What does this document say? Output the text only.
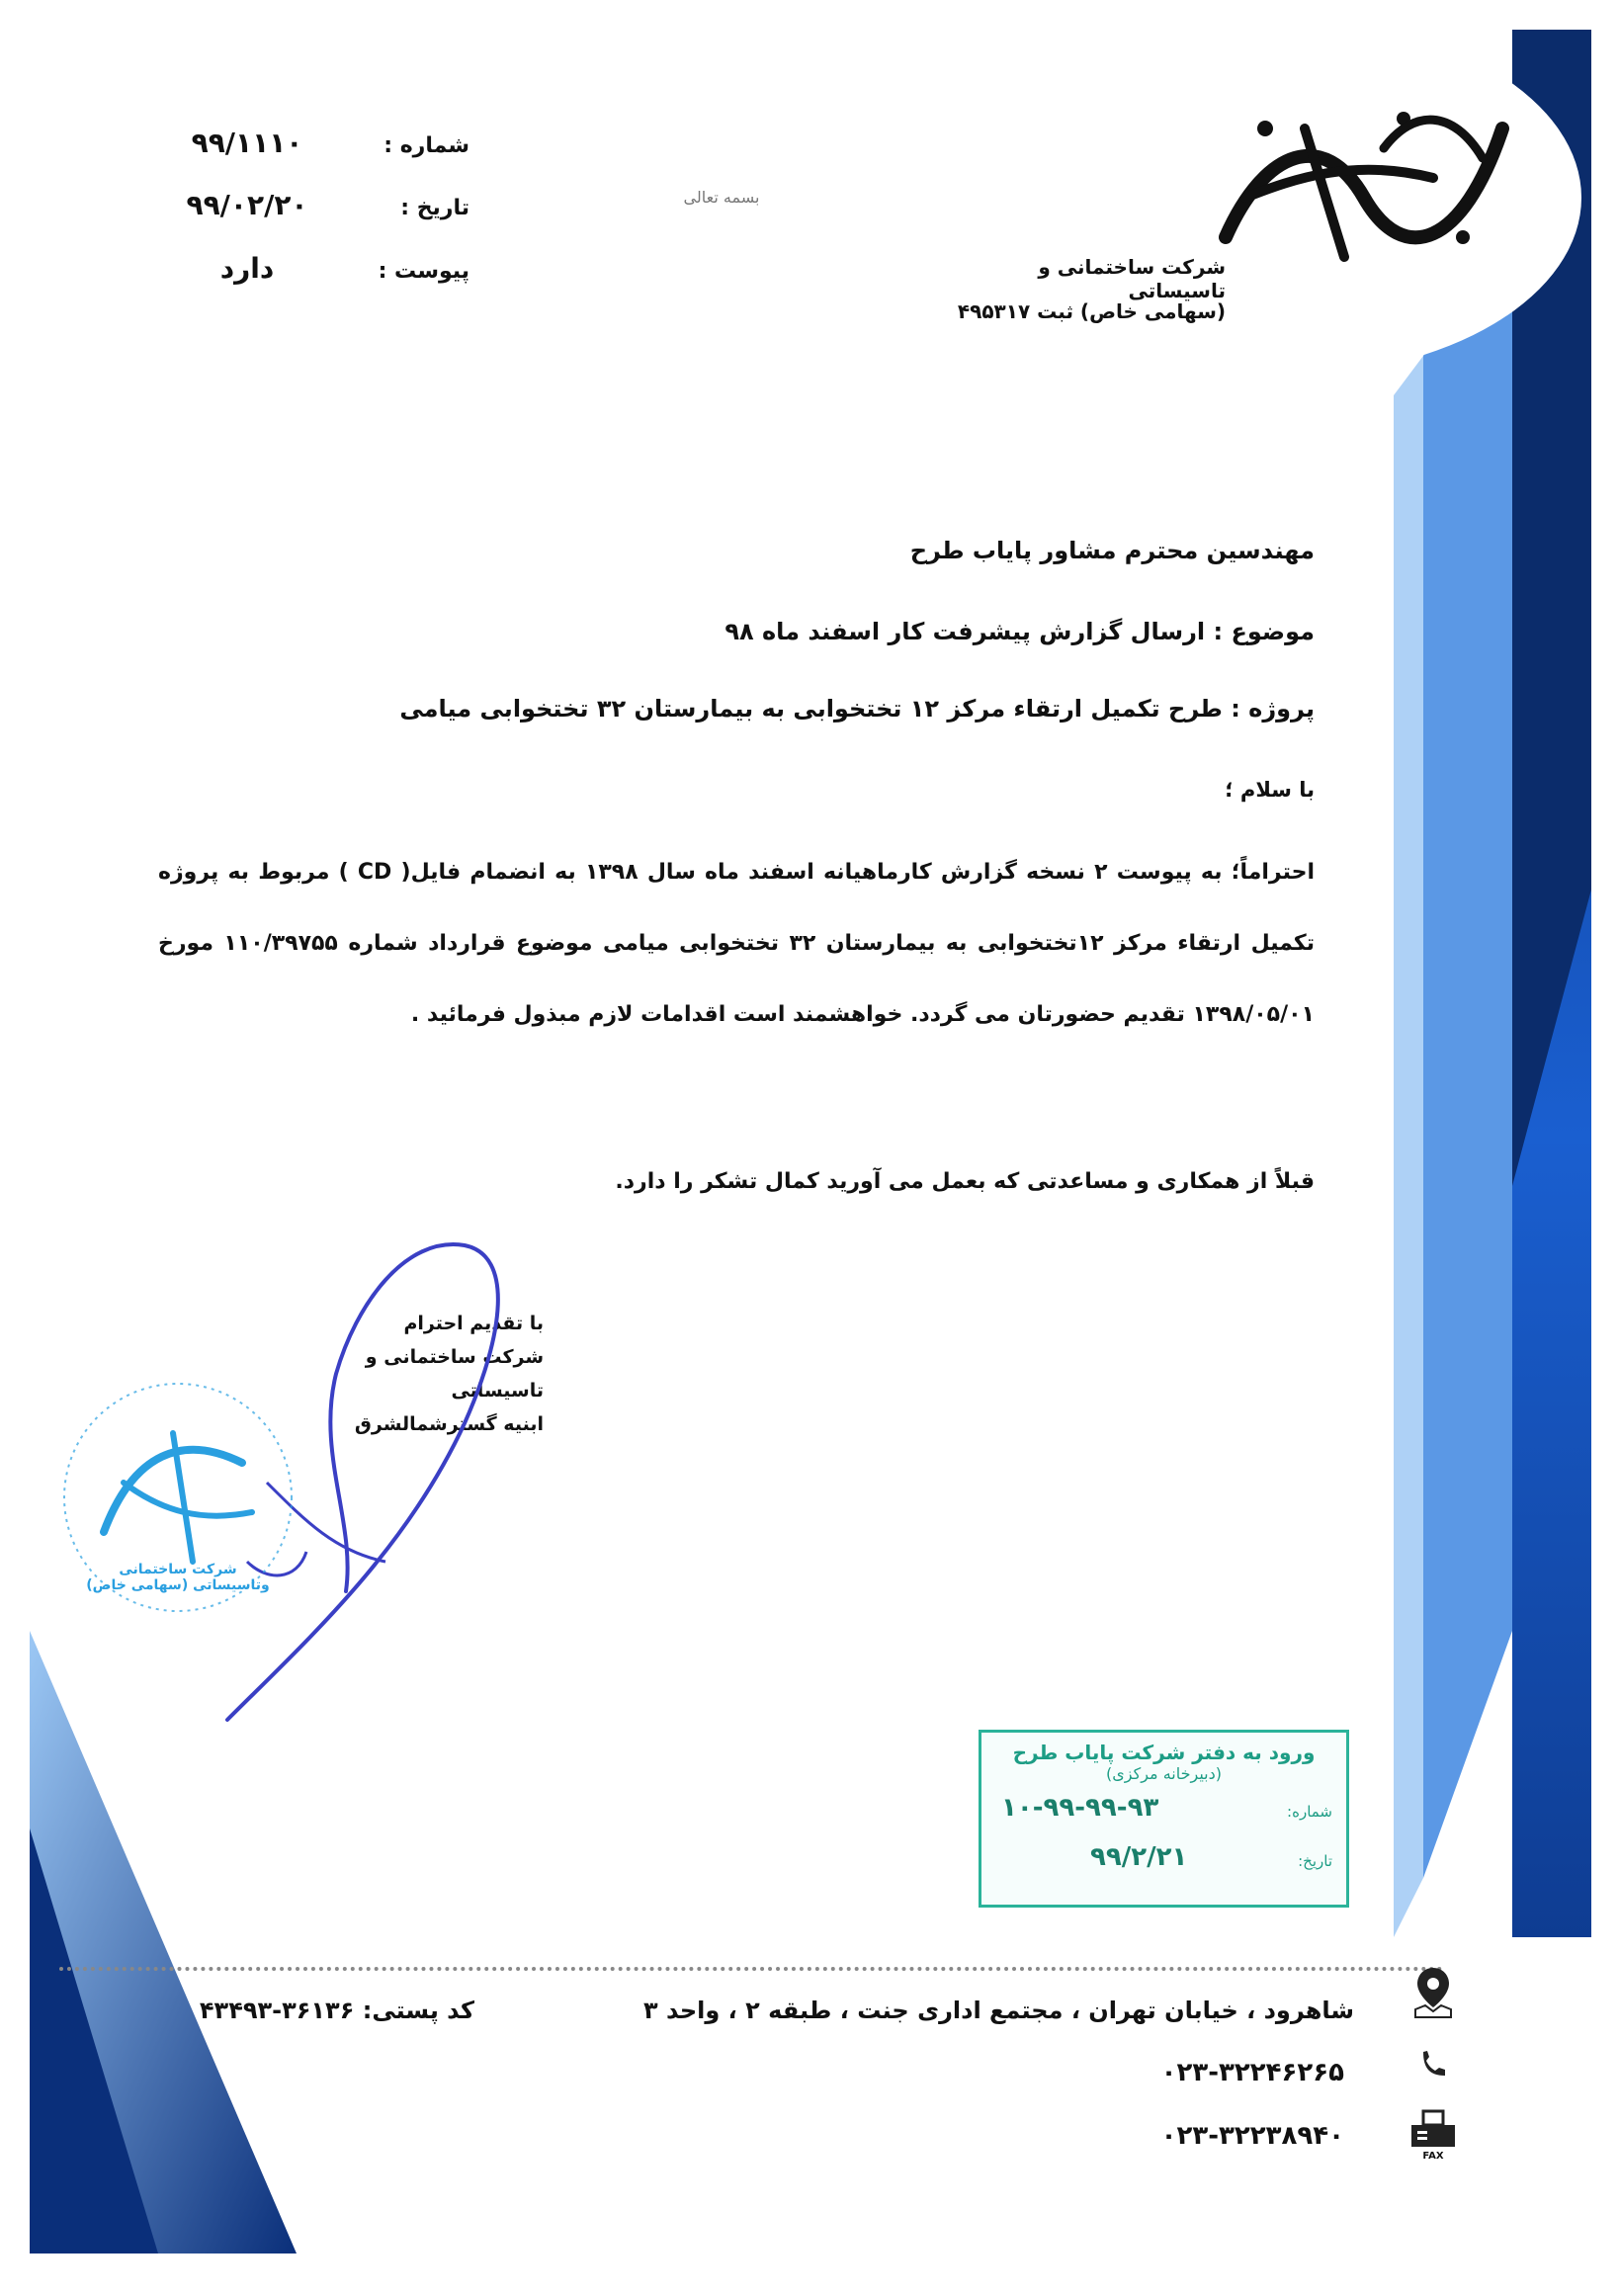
شرکت ساختمانی و تاسیساتی
(سهامی خاص) ثبت ۴۹۵۳۱۷
بسمه تعالی
شماره :
۹۹/۱۱۱۰
تاریخ :
۹۹/۰۲/۲۰
پیوست :
دارد
مهندسین محترم مشاور پایاب طرح
موضوع : ارسال گزارش پیشرفت کار اسفند ماه ۹۸
پروژه : طرح تکمیل ارتقاء مرکز ۱۲ تختخوابی به بیمارستان ۳۲ تختخوابی میامی
با سلام ؛
احتراماً؛ به پیوست ۲ نسخه گزارش کارماهیانه اسفند ماه سال ۱۳۹۸ به انضمام فایل( CD ) مربوط به پروژه تکمیل ارتقاء مرکز ۱۲تختخوابی به بیمارستان ۳۲ تختخوابی میامی موضوع قرارداد شماره ۱۱۰/۳۹۷۵۵ مورخ ۱۳۹۸/۰۵/۰۱ تقدیم حضورتان می گردد. خواهشمند است اقدامات لازم مبذول فرمائید .
قبلاً از همکاری و مساعدتی که بعمل می آورید کمال تشکر را دارد.
با تقدیم احترام
شرکت ساختمانی و تاسیساتی
ابنیه گسترشمالشرق
شرکت ساختمانی وتاسیساتی (سهامی خاص)
ورود به دفتر شرکت پایاب طرح
(دبیرخانه مرکزی)
شماره:
۱۰-۹۹-۹۹-۹۳
تاریخ:
۹۹/۲/۲۱
شاهرود ، خیابان تهران ، مجتمع اداری جنت ، طبقه ۲ ، واحد ۳
کد پستی: ۳۶۱۳۶-۴۳۴۹۳
۰۲۳-۳۲۲۴۶۲۶۵
۰۲۳-۳۲۲۳۸۹۴۰
FAX
